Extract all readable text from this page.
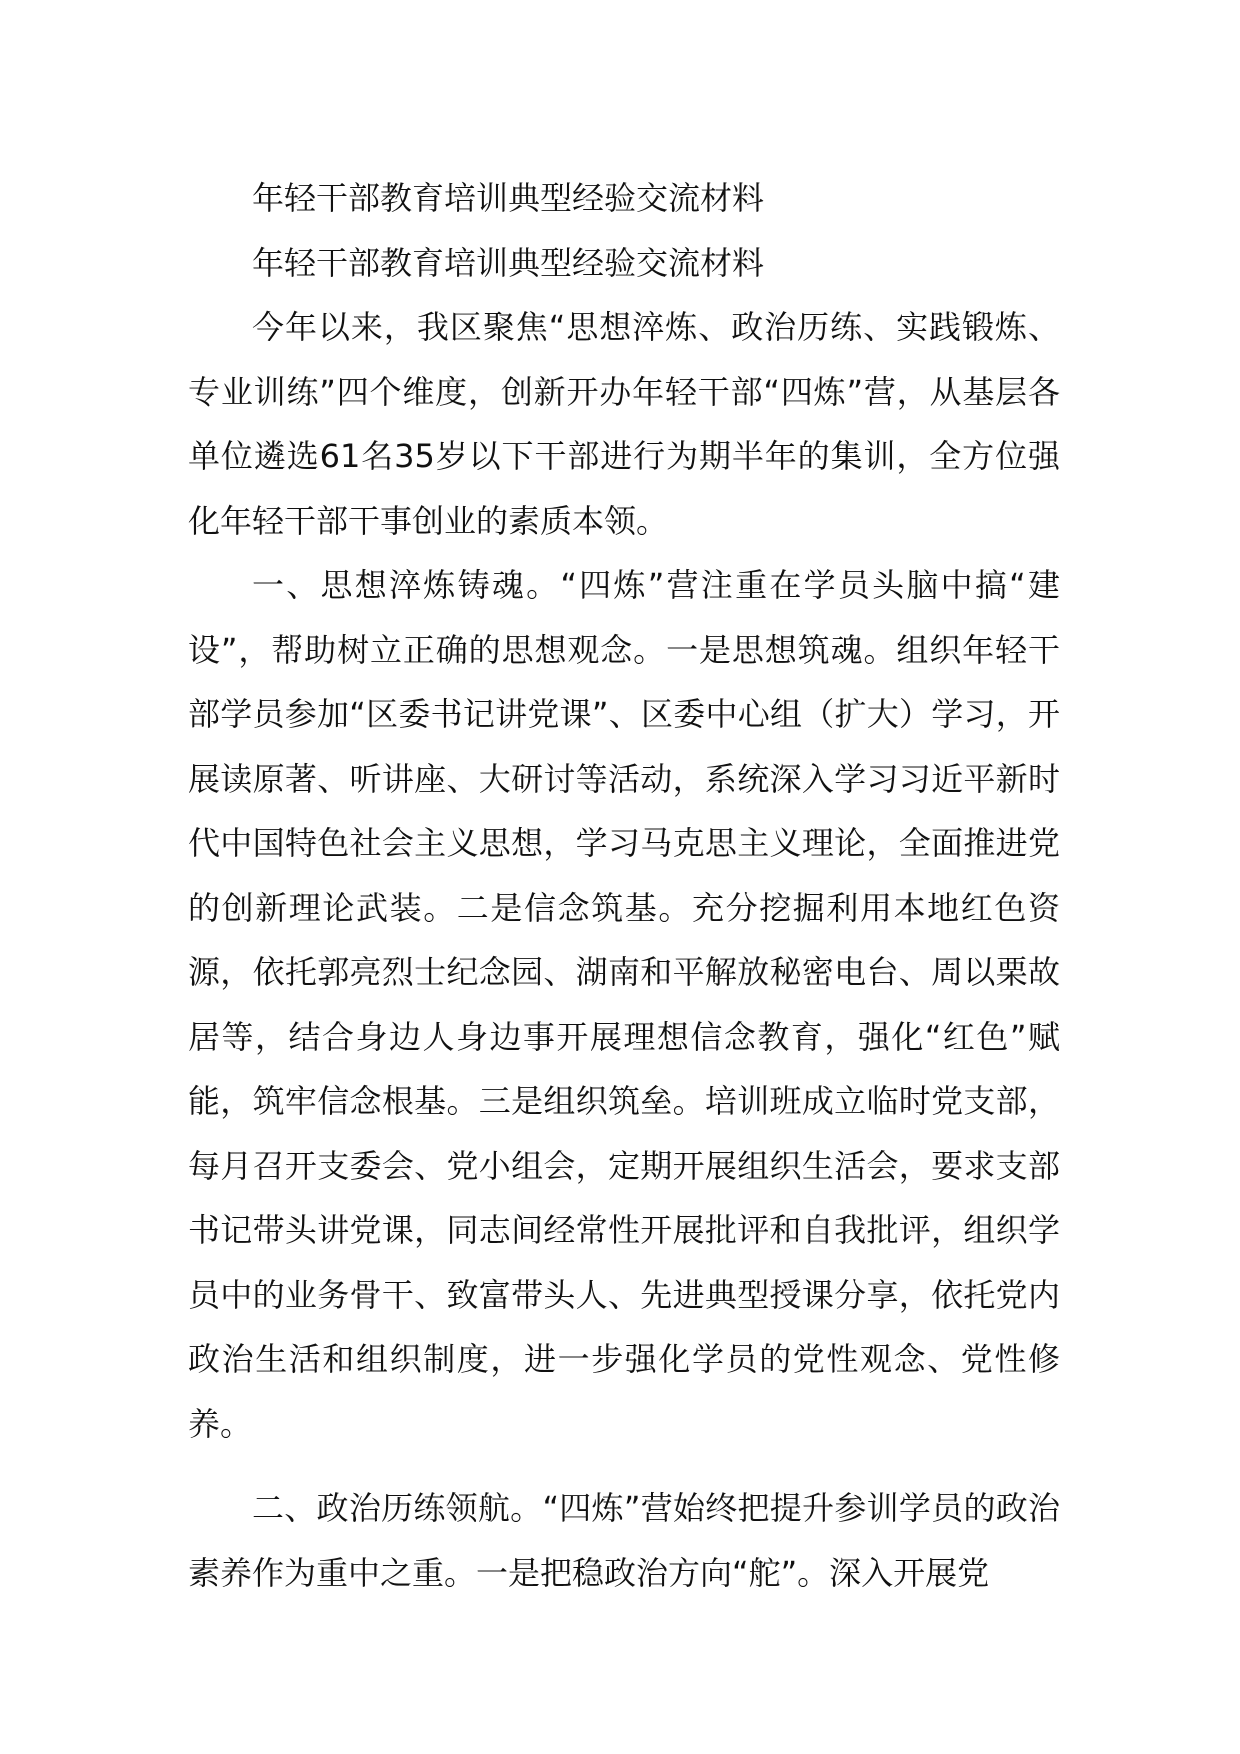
年轻干部教育培训典型经验交流材料

年轻干部教育培训典型经验交流材料

今年以来，我区聚焦“思想淬炼、政治历练、实践锻炼、专业训练”四个维度，创新开办年轻干部“四炼”营，从基层各单位遴选61名35岁以下干部进行为期半年的集训，全方位强化年轻干部干事创业的素质本领。

一、思想淬炼铸魂。“四炼”营注重在学员头脑中搞“建设”，帮助树立正确的思想观念。一是思想筑魂。组织年轻干部学员参加“区委书记讲党课”、区委中心组（扩大）学习，开展读原著、听讲座、大研讨等活动，系统深入学习习近平新时代中国特色社会主义思想，学习马克思主义理论，全面推进党的创新理论武装。二是信念筑基。充分挖掘利用本地红色资源，依托郭亮烈士纪念园、湖南和平解放秘密电台、周以栗故居等，结合身边人身边事开展理想信念教育，强化“红色”赋能，筑牢信念根基。三是组织筑垒。培训班成立临时党支部，每月召开支委会、党小组会，定期开展组织生活会，要求支部书记带头讲党课，同志间经常性开展批评和自我批评，组织学员中的业务骨干、致富带头人、先进典型授课分享，依托党内政治生活和组织制度，进一步强化学员的党性观念、党性修养。

二、政治历练领航。“四炼”营始终把提升参训学员的政治素养作为重中之重。一是把稳政治方向“舵”。深入开展党
